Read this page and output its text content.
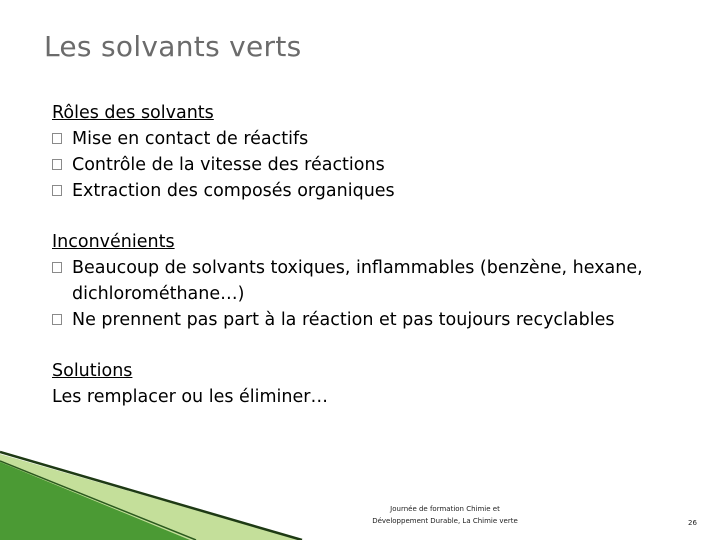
Les solvants verts
Rôles des solvants
Mise en contact de réactifs
Contrôle de la vitesse des réactions
Extraction des composés organiques
Inconvénients
Beaucoup de solvants toxiques, inflammables (benzène, hexane, dichlorométhane…)
Ne prennent pas part à la réaction et pas toujours recyclables
Solutions
Les remplacer ou les éliminer…
Journée de formation Chimie et
Développement Durable, La Chimie verte	26
